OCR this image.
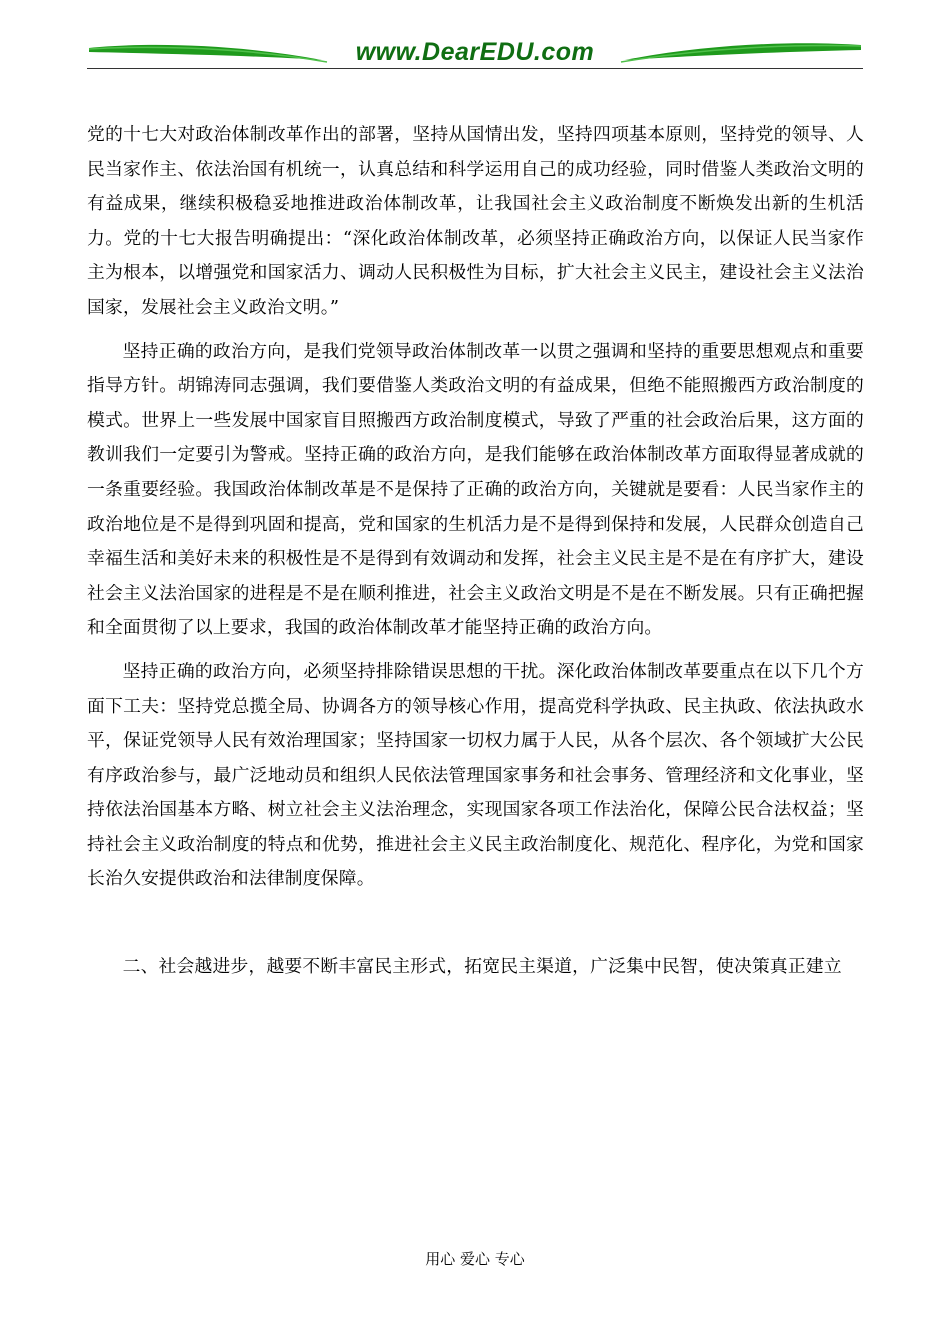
www.DearEDU.com

党的十七大对政治体制改革作出的部署，坚持从国情出发，坚持四项基本原则，坚持党的领导、人民当家作主、依法治国有机统一，认真总结和科学运用自己的成功经验，同时借鉴人类政治文明的有益成果，继续积极稳妥地推进政治体制改革，让我国社会主义政治制度不断焕发出新的生机活力。党的十七大报告明确提出：“深化政治体制改革，必须坚持正确政治方向，以保证人民当家作主为根本，以增强党和国家活力、调动人民积极性为目标，扩大社会主义民主，建设社会主义法治国家，发展社会主义政治文明。”

坚持正确的政治方向，是我们党领导政治体制改革一以贯之强调和坚持的重要思想观点和重要指导方针。胡锦涛同志强调，我们要借鉴人类政治文明的有益成果，但绝不能照搬西方政治制度的模式。世界上一些发展中国家盲目照搬西方政治制度模式，导致了严重的社会政治后果，这方面的教训我们一定要引为警戒。坚持正确的政治方向，是我们能够在政治体制改革方面取得显著成就的一条重要经验。我国政治体制改革是不是保持了正确的政治方向，关键就是要看：人民当家作主的政治地位是不是得到巩固和提高，党和国家的生机活力是不是得到保持和发展，人民群众创造自己幸福生活和美好未来的积极性是不是得到有效调动和发挥，社会主义民主是不是在有序扩大，建设社会主义法治国家的进程是不是在顺利推进，社会主义政治文明是不是在不断发展。只有正确把握和全面贯彻了以上要求，我国的政治体制改革才能坚持正确的政治方向。

坚持正确的政治方向，必须坚持排除错误思想的干扰。深化政治体制改革要重点在以下几个方面下工夫：坚持党总揽全局、协调各方的领导核心作用，提高党科学执政、民主执政、依法执政水平，保证党领导人民有效治理国家；坚持国家一切权力属于人民，从各个层次、各个领域扩大公民有序政治参与，最广泛地动员和组织人民依法管理国家事务和社会事务、管理经济和文化事业，坚持依法治国基本方略、树立社会主义法治理念，实现国家各项工作法治化，保障公民合法权益；坚持社会主义政治制度的特点和优势，推进社会主义民主政治制度化、规范化、程序化，为党和国家长治久安提供政治和法律制度保障。

二、社会越进步，越要不断丰富民主形式，拓宽民主渠道，广泛集中民智，使决策真正建立

用心 爱心 专心
